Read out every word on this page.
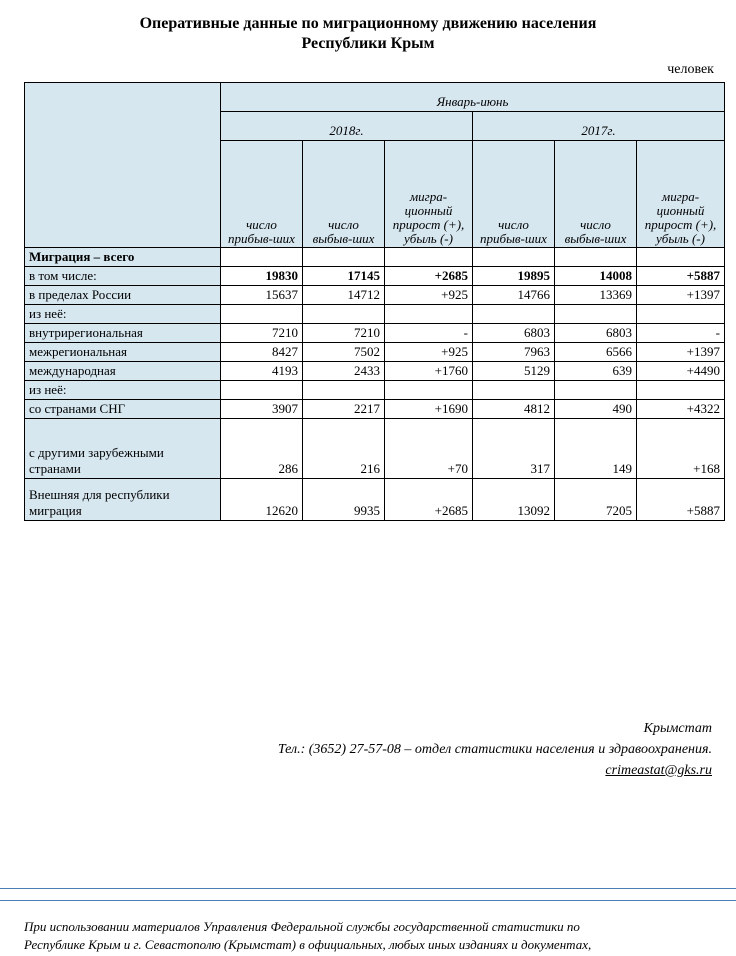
Оперативные данные по миграционному движению населения
Республики Крым
человек
	Январь-июнь					
	2018г.			2017г.		
	число прибыв-ших	число выбыв-ших	мигра-ционный прирост (+), убыль (-)	число прибыв-ших	число выбыв-ших	мигра-ционный прирост (+), убыль (-)
Миграция – всего						
в том числе:	19830	17145	+2685	19895	14008	+5887
в пределах России	15637	14712	+925	14766	13369	+1397
из неё:						
внутрирегиональная	7210	7210	-	6803	6803	-
межрегиональная	8427	7502	+925	7963	6566	+1397
международная	4193	2433	+1760	5129	639	+4490
из неё:						
со странами СНГ	3907	2217	+1690	4812	490	+4322
с другими зарубежными странами	286	216	+70	317	149	+168
Внешняя для республики миграция	12620	9935	+2685	13092	7205	+5887
Крымстат
Тел.: (3652) 27-57-08 – отдел статистики населения и здравоохранения.
crimeastat@gks.ru
При использовании материалов Управления Федеральной службы государственной статистики по
Республике Крым и г. Севастополю (Крымстат) в официальных, любых иных изданиях и документах,
